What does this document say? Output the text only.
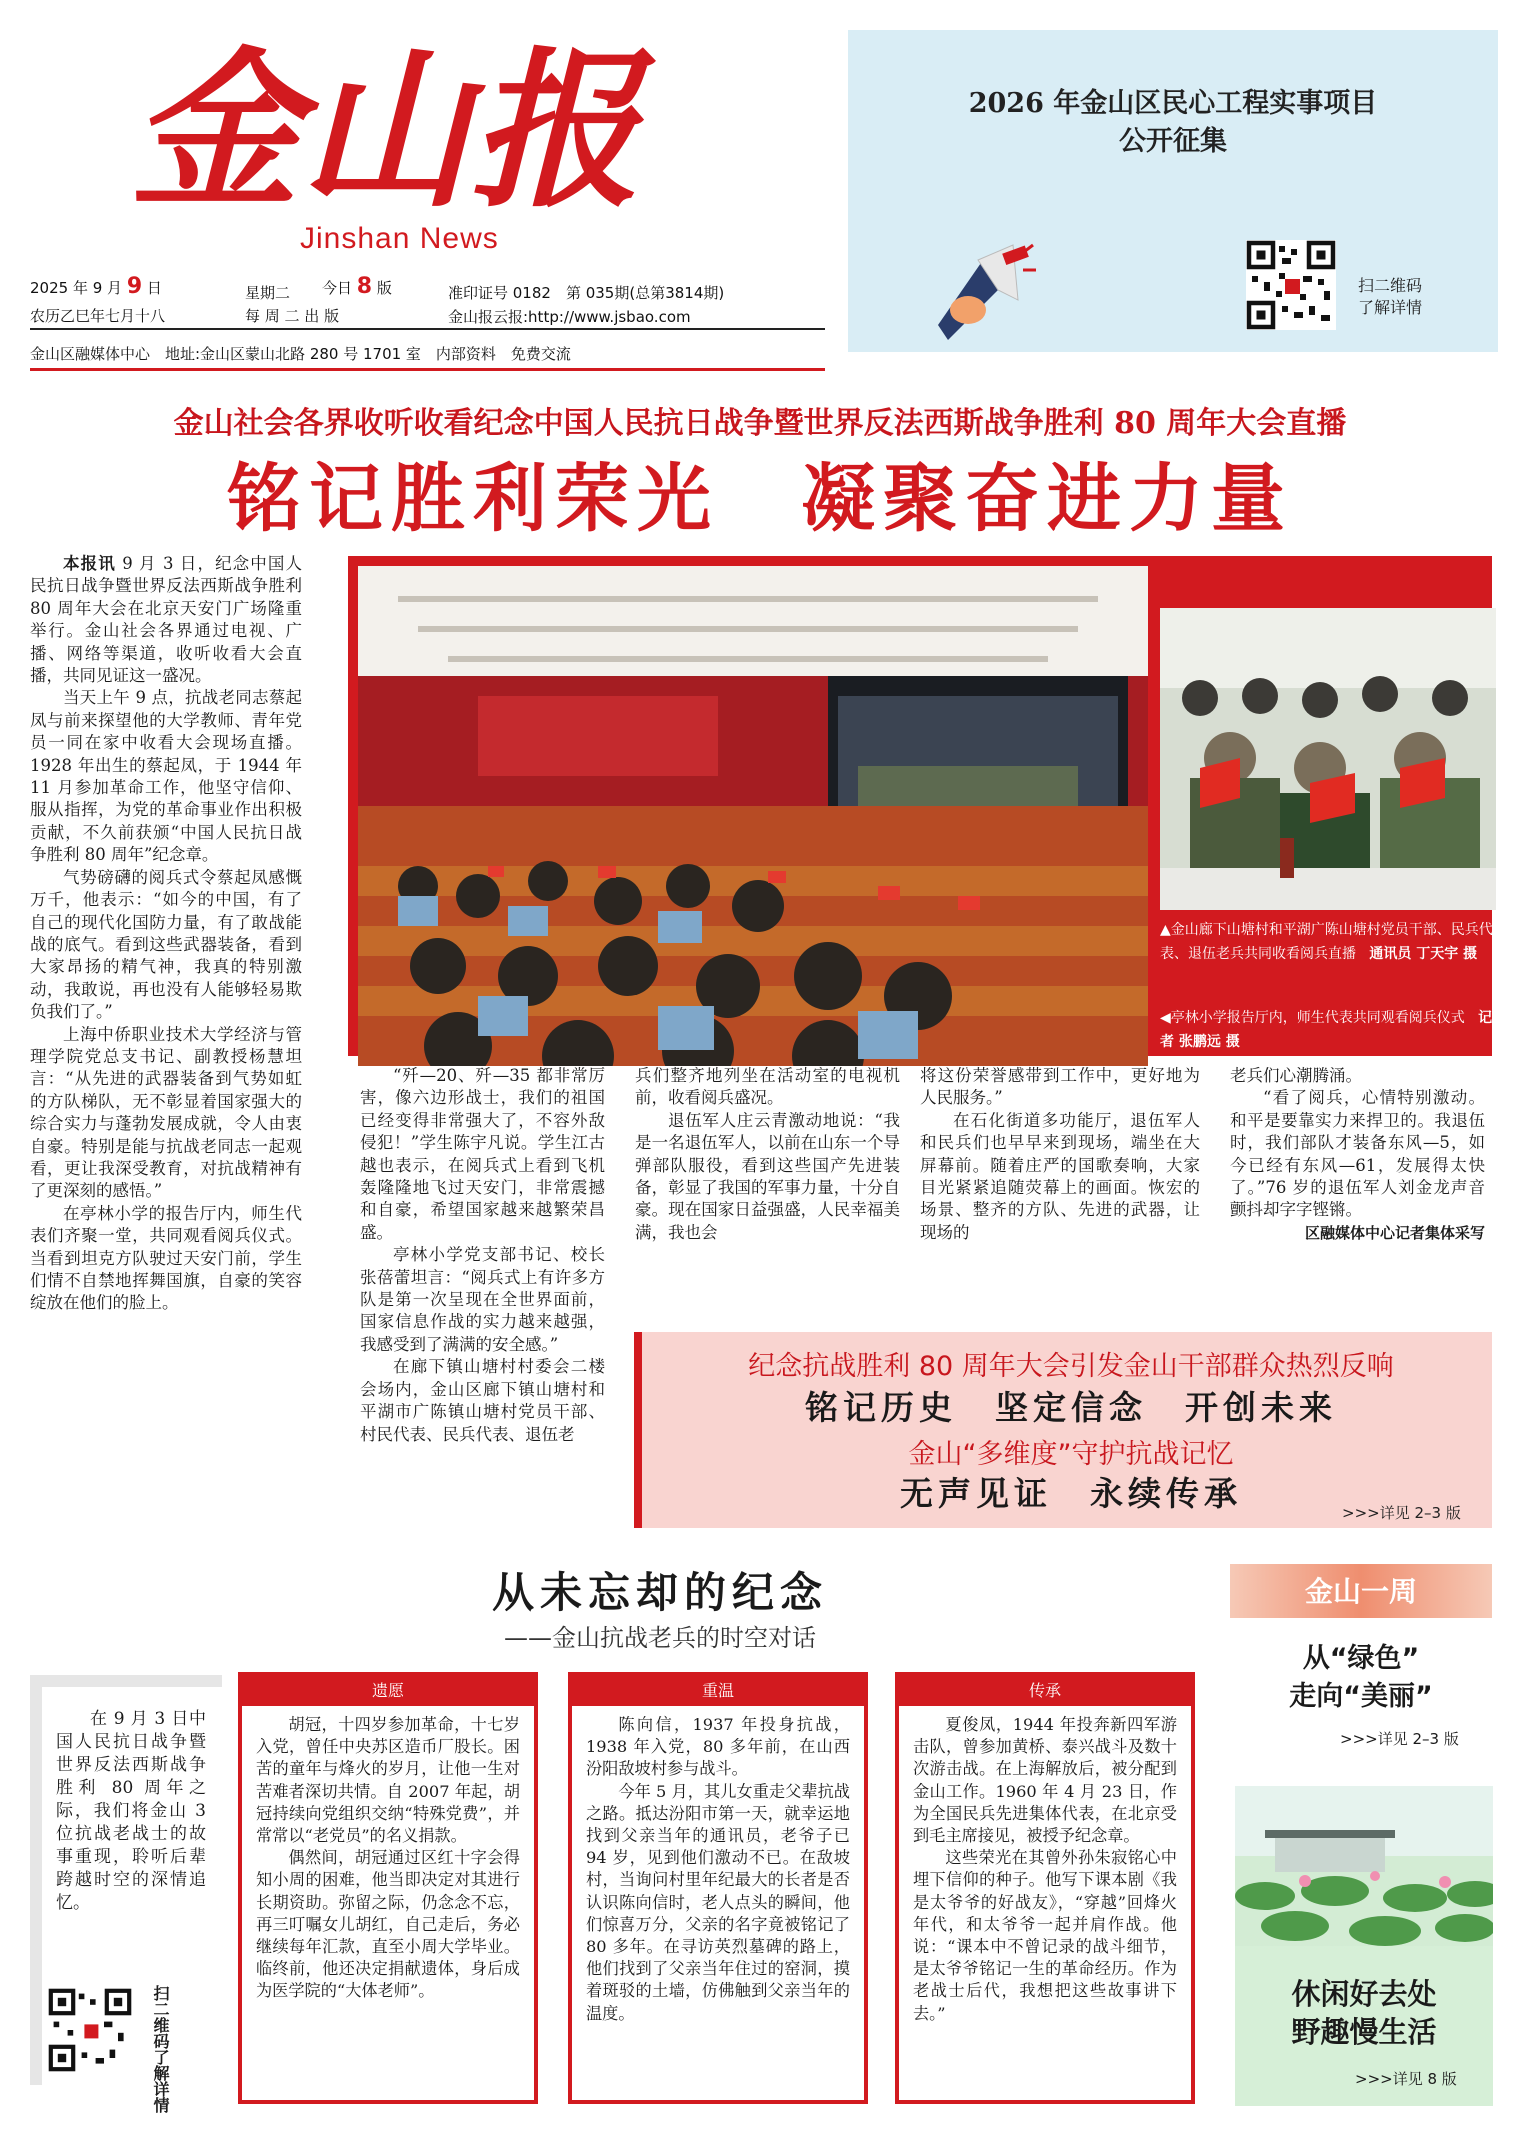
金山报
Jinshan News
2025 年 9 月 9 日
农历乙巳年七月十八
星期二 今日 8 版
每 周 二 出 版
准印证号 0182　第 035期(总第3814期)
金山报云报:http://www.jsbao.com
金山区融媒体中心　地址:金山区蒙山北路 280 号 1701 室　内部资料　免费交流
2026 年金山区民心工程实事项目
公开征集
扫二维码
了解详情
金山社会各界收听收看纪念中国人民抗日战争暨世界反法西斯战争胜利 80 周年大会直播
铭记胜利荣光　凝聚奋进力量

本报讯 9 月 3 日，纪念中国人民抗日战争暨世界反法西斯战争胜利 80 周年大会在北京天安门广场隆重举行。金山社会各界通过电视、广播、网络等渠道，收听收看大会直播，共同见证这一盛况。

当天上午 9 点，抗战老同志蔡起凤与前来探望他的大学教师、青年党员一同在家中收看大会现场直播。1928 年出生的蔡起凤，于 1944 年 11 月参加革命工作，他坚守信仰、服从指挥，为党的革命事业作出积极贡献，不久前获颁“中国人民抗日战争胜利 80 周年”纪念章。

气势磅礴的阅兵式令蔡起凤感慨万千，他表示：“如今的中国，有了自己的现代化国防力量，有了敢战能战的底气。看到这些武器装备，看到大家昂扬的精气神，我真的特别激动，我敢说，再也没有人能够轻易欺负我们了。”

上海中侨职业技术大学经济与管理学院党总支书记、副教授杨慧坦言：“从先进的武器装备到气势如虹的方队梯队，无不彰显着国家强大的综合实力与蓬勃发展成就，令人由衷自豪。特别是能与抗战老同志一起观看，更让我深受教育，对抗战精神有了更深刻的感悟。”

在亭林小学的报告厅内，师生代表们齐聚一堂，共同观看阅兵仪式。当看到坦克方队驶过天安门前，学生们情不自禁地挥舞国旗，自豪的笑容绽放在他们的脸上。

▲金山廊下山塘村和平湖广陈山塘村党员干部、民兵代表、退伍老兵共同收看阅兵直播 通讯员 丁天宇 摄
◀亭林小学报告厅内，师生代表共同观看阅兵仪式 记者 张鹏远 摄

“歼—20、歼—35 都非常厉害，像六边形战士，我们的祖国已经变得非常强大了，不容外敌侵犯！”学生陈宇凡说。学生江古越也表示，在阅兵式上看到飞机轰隆隆地飞过天安门，非常震撼和自豪，希望国家越来越繁荣昌盛。

亭林小学党支部书记、校长张蓓蕾坦言：“阅兵式上有许多方队是第一次呈现在全世界面前，国家信息作战的实力越来越强，我感受到了满满的安全感。”

在廊下镇山塘村村委会二楼会场内，金山区廊下镇山塘村和平湖市广陈镇山塘村党员干部、村民代表、民兵代表、退伍老

兵们整齐地列坐在活动室的电视机前，收看阅兵盛况。

退伍军人庄云青激动地说：“我是一名退伍军人，以前在山东一个导弹部队服役，看到这些国产先进装备，彰显了我国的军事力量，十分自豪。现在国家日益强盛，人民幸福美满，我也会

将这份荣誉感带到工作中，更好地为人民服务。”

在石化街道多功能厅，退伍军人和民兵们也早早来到现场，端坐在大屏幕前。随着庄严的国歌奏响，大家目光紧紧追随荧幕上的画面。恢宏的场景、整齐的方队、先进的武器，让现场的

老兵们心潮腾涌。

“看了阅兵，心情特别激动。和平是要靠实力来捍卫的。我退伍时，我们部队才装备东风—5，如今已经有东风—61，发展得太快了。”76 岁的退伍军人刘金龙声音颤抖却字字铿锵。

区融媒体中心记者集体采写
纪念抗战胜利 80 周年大会引发金山干部群众热烈反响
铭记历史　坚定信念　开创未来
金山“多维度”守护抗战记忆
无声见证　永续传承	>>>详见 2–3 版
从未忘却的纪念
——金山抗战老兵的时空对话

在 9 月 3 日中国人民抗日战争暨世界反法西斯战争胜利 80 周年之际，我们将金山 3 位抗战老战士的故事重现，聆听后辈跨越时空的深情追忆。

扫二维码了解详情
遗愿

胡冠，十四岁参加革命，十七岁入党，曾任中央苏区造币厂股长。困苦的童年与烽火的岁月，让他一生对苦难者深切共情。自 2007 年起，胡冠持续向党组织交纳“特殊党费”，并常常以“老党员”的名义捐款。

偶然间，胡冠通过区红十字会得知小周的困难，他当即决定对其进行长期资助。弥留之际，仍念念不忘，再三叮嘱女儿胡红，自己走后，务必继续每年汇款，直至小周大学毕业。临终前，他还决定捐献遗体，身后成为医学院的“大体老师”。

重温

陈向信，1937 年投身抗战，1938 年入党，80 多年前，在山西汾阳敌坡村参与战斗。

今年 5 月，其儿女重走父辈抗战之路。抵达汾阳市第一天，就幸运地找到父亲当年的通讯员，老爷子已 94 岁，见到他们激动不已。在敌坡村，当询问村里年纪最大的长者是否认识陈向信时，老人点头的瞬间，他们惊喜万分，父亲的名字竟被铭记了 80 多年。在寻访英烈墓碑的路上，他们找到了父亲当年住过的窑洞，摸着斑驳的土墙，仿佛触到父亲当年的温度。

传承

夏俊凤，1944 年投奔新四军游击队，曾参加黄桥、泰兴战斗及数十次游击战。在上海解放后，被分配到金山工作。1960 年 4 月 23 日，作为全国民兵先进集体代表，在北京受到毛主席接见，被授予纪念章。

这些荣光在其曾外孙朱寂铭心中埋下信仰的种子。他写下课本剧《我是太爷爷的好战友》，“穿越”回烽火年代，和太爷爷一起并肩作战。他说：“课本中不曾记录的战斗细节，是太爷爷铭记一生的革命经历。作为老战士后代，我想把这些故事讲下去。”

金山一周
从“绿色”
走向“美丽”
>>>详见 2–3 版
休闲好去处
野趣慢生活
>>>详见 8 版
